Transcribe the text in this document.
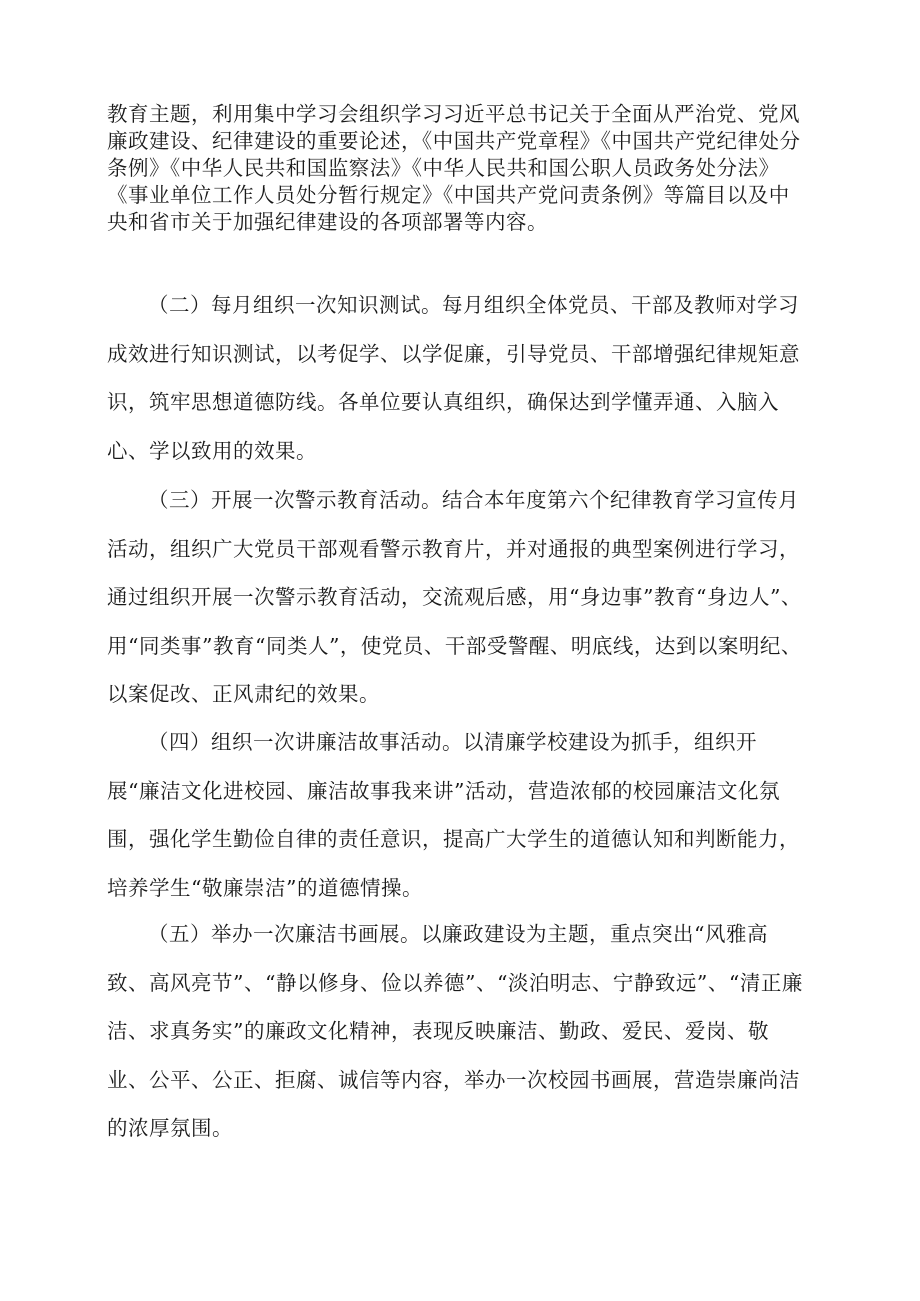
教育主题，利用集中学习会组织学习习近平总书记关于全面从严治党、党风廉政建设、纪律建设的重要论述，《中国共产党章程》《中国共产党纪律处分条例》《中华人民共和国监察法》《中华人民共和国公职人员政务处分法》《事业单位工作人员处分暂行规定》《中国共产党问责条例》等篇目以及中央和省市关于加强纪律建设的各项部署等内容。

（二）每月组织一次知识测试。每月组织全体党员、干部及教师对学习成效进行知识测试，以考促学、以学促廉，引导党员、干部增强纪律规矩意识，筑牢思想道德防线。各单位要认真组织，确保达到学懂弄通、入脑入心、学以致用的效果。

（三）开展一次警示教育活动。结合本年度第六个纪律教育学习宣传月活动，组织广大党员干部观看警示教育片，并对通报的典型案例进行学习，通过组织开展一次警示教育活动，交流观后感，用“身边事”教育“身边人”、用“同类事”教育“同类人”，使党员、干部受警醒、明底线，达到以案明纪、以案促改、正风肃纪的效果。

（四）组织一次讲廉洁故事活动。以清廉学校建设为抓手，组织开展“廉洁文化进校园、廉洁故事我来讲”活动，营造浓郁的校园廉洁文化氛围，强化学生勤俭自律的责任意识，提高广大学生的道德认知和判断能力，培养学生“敬廉崇洁”的道德情操。

（五）举办一次廉洁书画展。以廉政建设为主题，重点突出“风雅高致、高风亮节”、“静以修身、俭以养德”、“淡泊明志、宁静致远”、“清正廉洁、求真务实”的廉政文化精神，表现反映廉洁、勤政、爱民、爱岗、敬业、公平、公正、拒腐、诚信等内容，举办一次校园书画展，营造崇廉尚洁的浓厚氛围。
